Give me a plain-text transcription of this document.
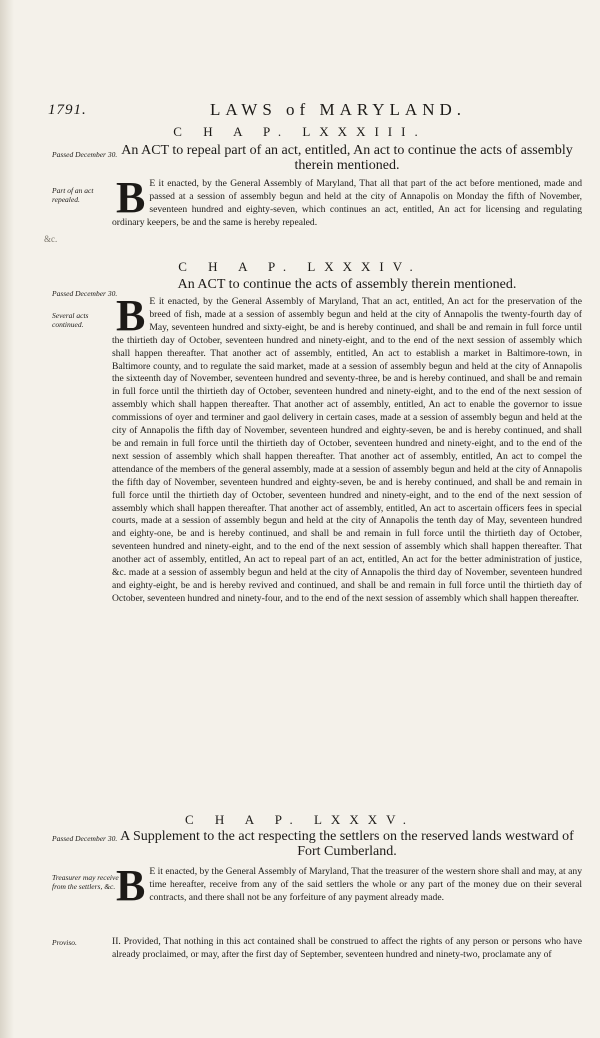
1791.	LAWS of MARYLAND.
C H A P. LXXXIII.
Passed December 30. An ACT to repeal part of an act, entitled, An act to continue the acts of assembly therein mentioned.
Part of an act repealed. B E it enacted, by the General Assembly of Maryland, That all that part of the act before mentioned, made and passed at a session of assembly begun and held at the city of Annapolis on Monday the fifth of November, seventeen hundred and eighty-seven, which continues an act, entitled, An act for licensing and regulating ordinary keepers, be and the same is hereby repealed.

&c.
C H A P. LXXXIV.
Passed December 30.
An ACT to continue the acts of assembly therein mentioned.
Several acts continued. B E it enacted, by the General Assembly of Maryland, That an act, entitled, An act for the preservation of the breed of fish, made at a session of assembly begun and held at the city of Annapolis the twenty-fourth day of May, seventeen hundred and sixty-eight, be and is hereby continued, and shall be and remain in full force until the thirtieth day of October, seventeen hundred and ninety-eight, and to the end of the next session of assembly which shall happen thereafter. That another act of assembly, entitled, An act to establish a market in Baltimore-town, in Baltimore county, and to regulate the said market, made at a session of assembly begun and held at the city of Annapolis the sixteenth day of November, seventeen hundred and seventy-three, be and is hereby continued, and shall be and remain in full force until the thirtieth day of October, seventeen hundred and ninety-eight, and to the end of the next session of assembly which shall happen thereafter. That another act of assembly, entitled, An act to enable the governor to issue commissions of oyer and terminer and gaol delivery in certain cases, made at a session of assembly begun and held at the city of Annapolis the fifth day of November, seventeen hundred and eighty-seven, be and is hereby continued, and shall be and remain in full force until the thirtieth day of October, seventeen hundred and ninety-eight, and to the end of the next session of assembly which shall happen thereafter. That another act of assembly, entitled, An act to compel the attendance of the members of the general assembly, made at a session of assembly begun and held at the city of Annapolis the fifth day of November, seventeen hundred and eighty-seven, be and is hereby continued, and shall be and remain in full force until the thirtieth day of October, seventeen hundred and ninety-eight, and to the end of the next session of assembly which shall happen thereafter. That another act of assembly, entitled, An act to ascertain officers fees in special courts, made at a session of assembly begun and held at the city of Annapolis the tenth day of May, seventeen hundred and eighty-one, be and is hereby continued, and shall be and remain in full force until the thirtieth day of October, seventeen hundred and ninety-eight, and to the end of the next session of assembly which shall happen thereafter. That another act of assembly, entitled, An act to repeal part of an act, entitled, An act for the better administration of justice, &c. made at a session of assembly begun and held at the city of Annapolis the third day of November, seventeen hundred and eighty-eight, be and is hereby revived and continued, and shall be and remain in full force until the thirtieth day of October, seventeen hundred and ninety-four, and to the end of the next session of assembly which shall happen thereafter.

C H A P. LXXXV.
Passed December 30. A Supplement to the act respecting the settlers on the reserved lands westward of Fort Cumberland.
Treasurer may receive from the settlers, &c. B E it enacted, by the General Assembly of Maryland, That the treasurer of the western shore shall and may, at any time hereafter, receive from any of the said settlers the whole or any part of the money due on their several contracts, and there shall not be any forfeiture of any payment already made.

Proviso.	II. Provided, That nothing in this act contained shall be construed to affect the rights of any person or persons who have already proclaimed, or may, after the first day of September, seventeen hundred and ninety-two, proclamate any of
